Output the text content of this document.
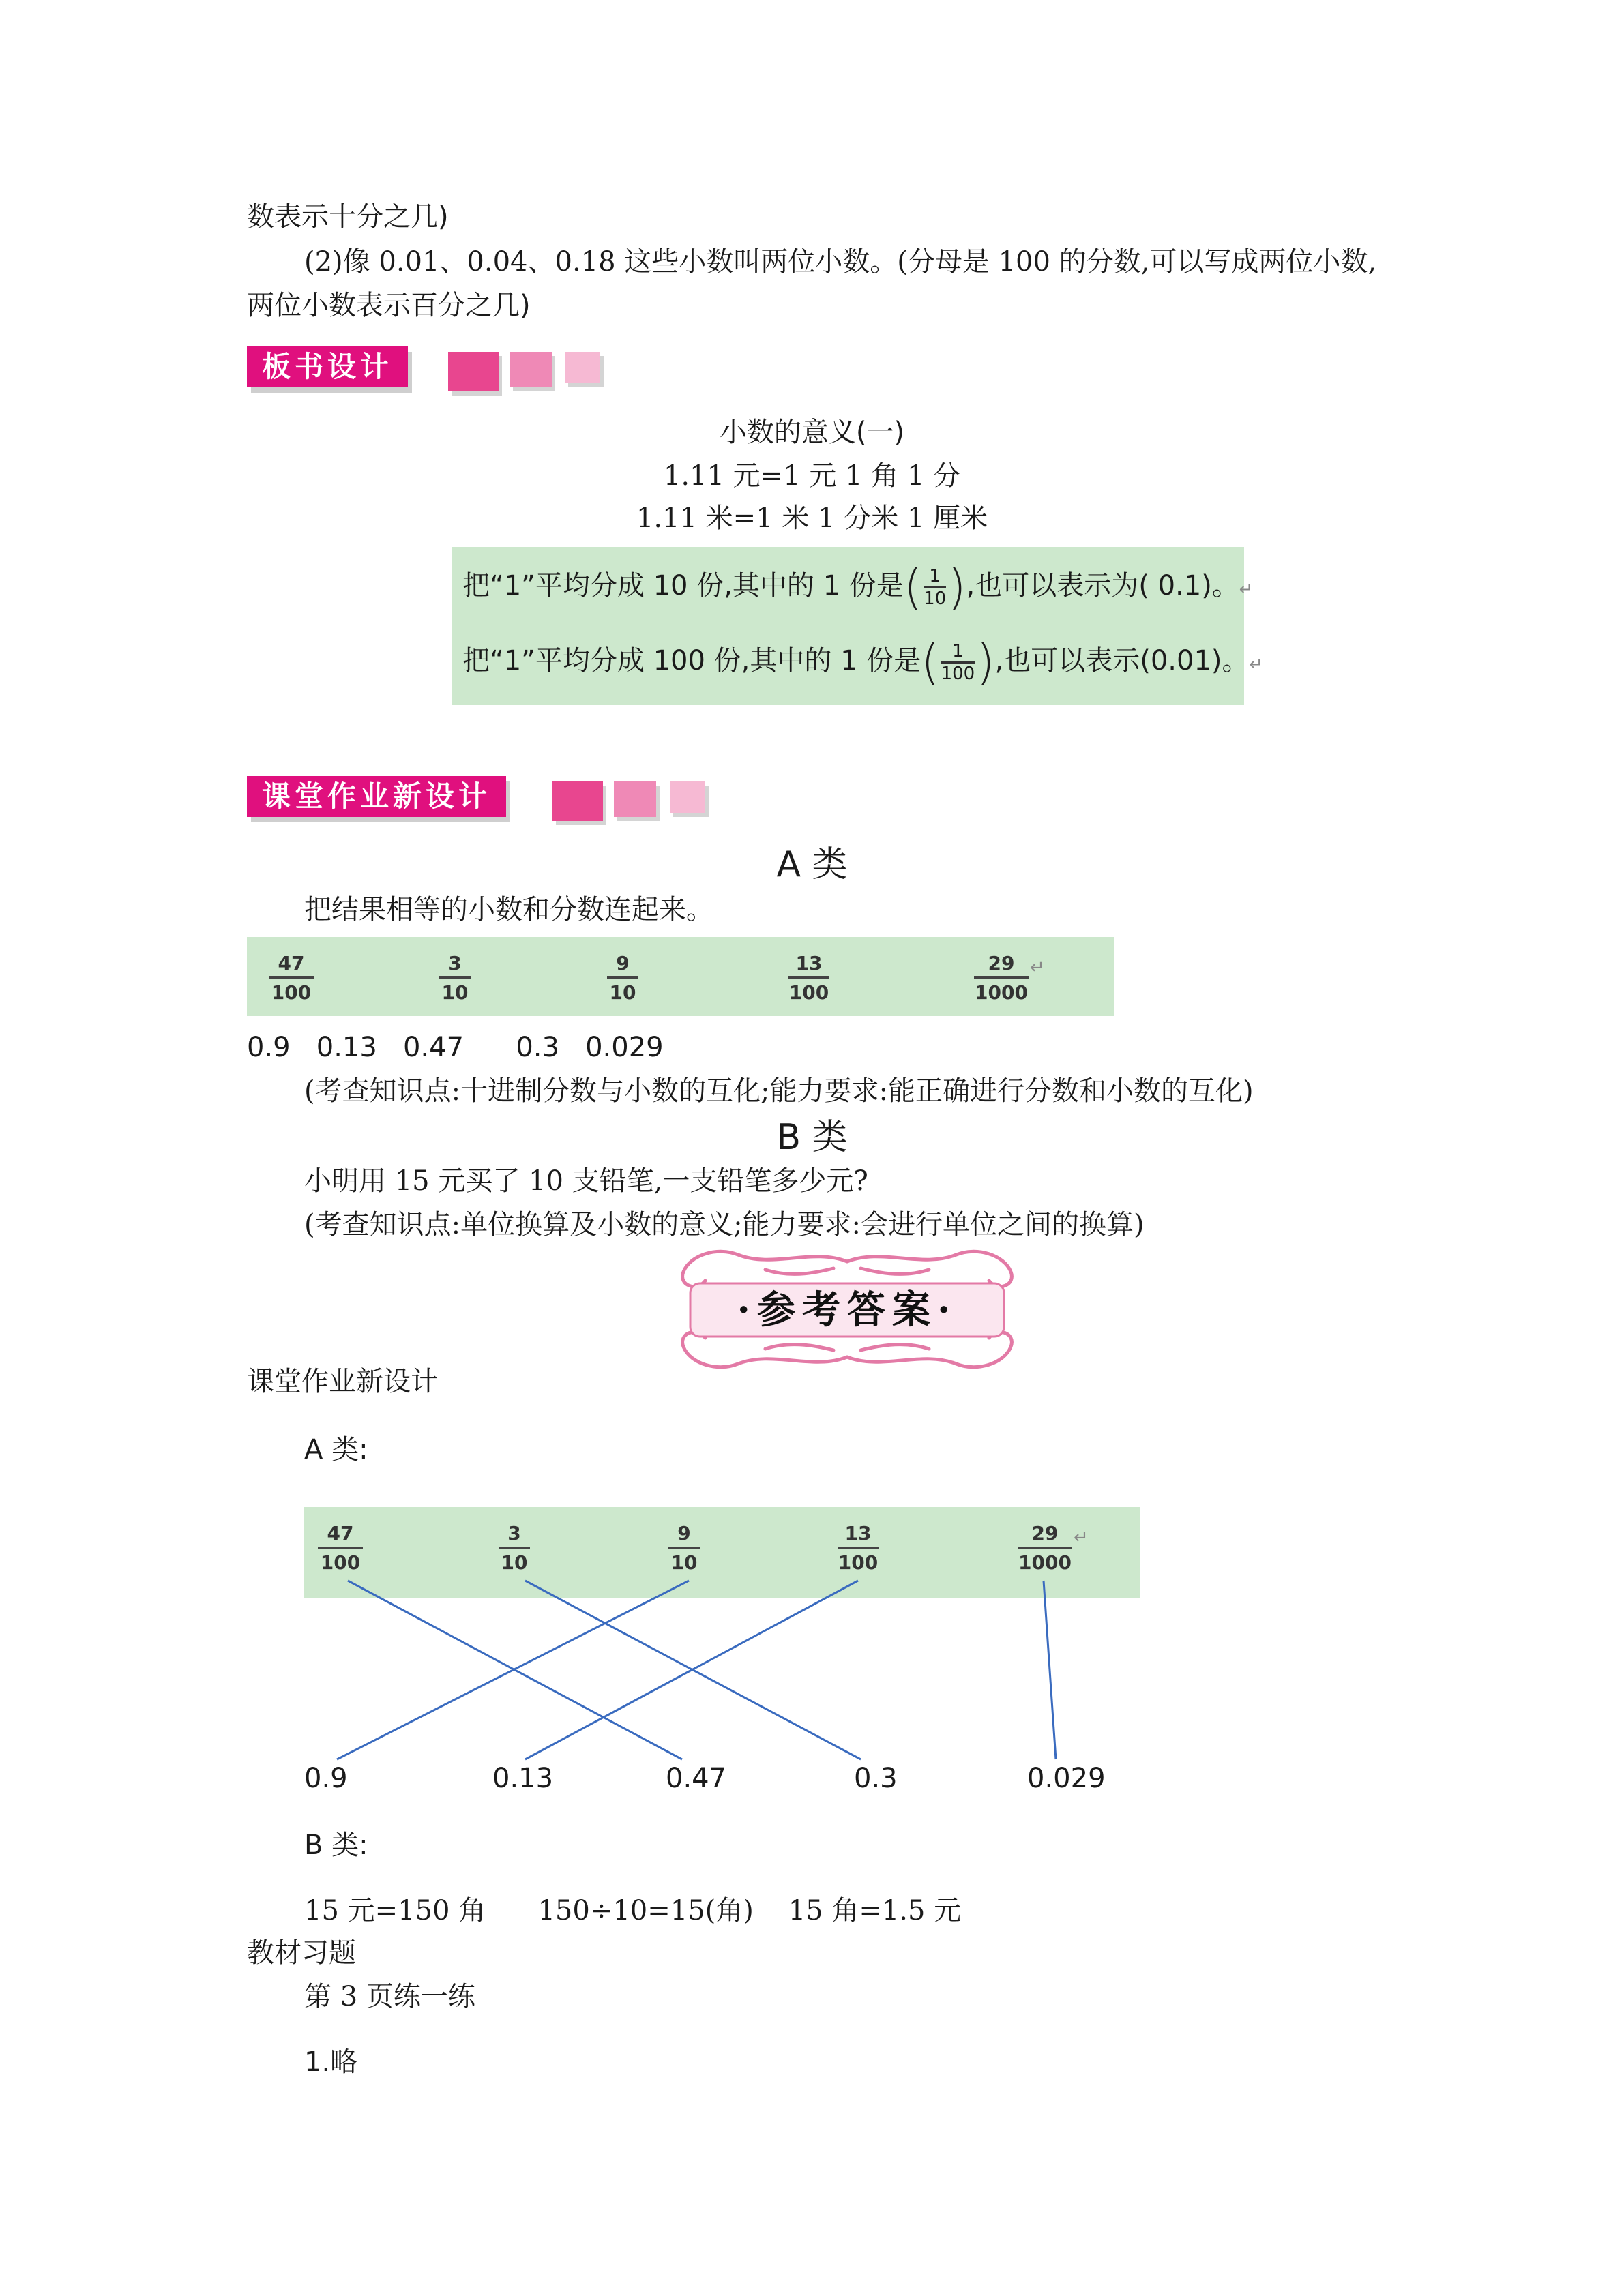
数表示十分之几)
(2)像 0.01、0.04、0.18 这些小数叫两位小数。(分母是 100 的分数,可以写成两位小数,
两位小数表示百分之几)
板书设计
小数的意义(一)
1.11 元=1 元 1 角 1 分
1.11 米=1 米 1 分米 1 厘米
把“1”平均分成 10 份,其中的 1 份是( $\frac{1}{10}$ ),也可以表示为( 0.1)。↵
把“1”平均分成 100 份,其中的 1 份是( $\frac{1}{100}$ ),也可以表示(0.01)。↵
课堂作业新设计
A 类
把结果相等的小数和分数连起来。
47
100
3
10
9
10
13
100
29
1000
↵
0.9   0.13   0.47      0.3   0.029
(考查知识点:十进制分数与小数的互化;能力要求:能正确进行分数和小数的互化)
B 类
小明用 15 元买了 10 支铅笔,一支铅笔多少元?
(考查知识点:单位换算及小数的意义;能力要求:会进行单位之间的换算)
·参考答案·
课堂作业新设计
A 类:
47
100
3
10
9
10
13
100
29
1000
↵
0.9	0.13	0.47	0.3	0.029
B 类:
15 元=150 角      150÷10=15(角)    15 角=1.5 元
教材习题
第 3 页练一练
1.略
